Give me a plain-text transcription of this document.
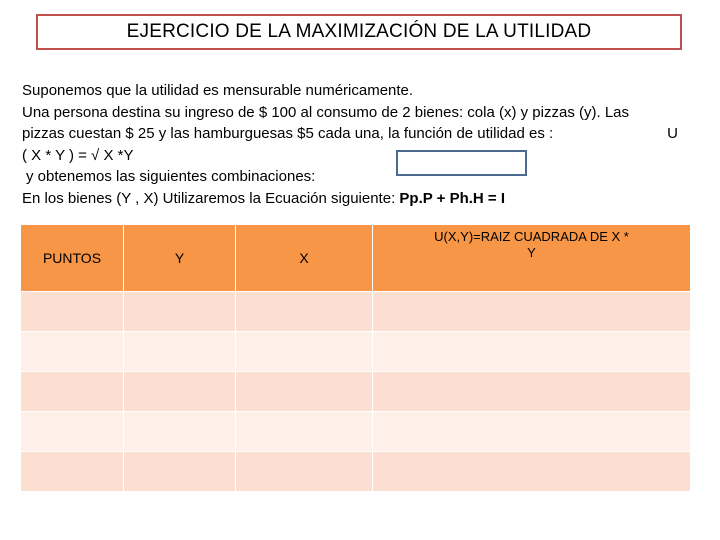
EJERCICIO DE LA MAXIMIZACIÓN DE LA UTILIDAD
Suponemos que la utilidad es mensurable numéricamente.
Una persona destina su ingreso de $ 100 al consumo de 2 bienes: cola (x) y pizzas (y). Las
pizzas cuestan $ 25 y las hamburguesas $5 cada una, la función de utilidad es :	U
( X * Y ) = √ X *Y
y obtenemos las siguientes combinaciones:
En los bienes (Y , X) Utilizaremos la Ecuación siguiente: Pp.P + Ph.H = I
PUNTOS	Y	X	U(X,Y)=RAIZ CUADRADA DE X * Y
